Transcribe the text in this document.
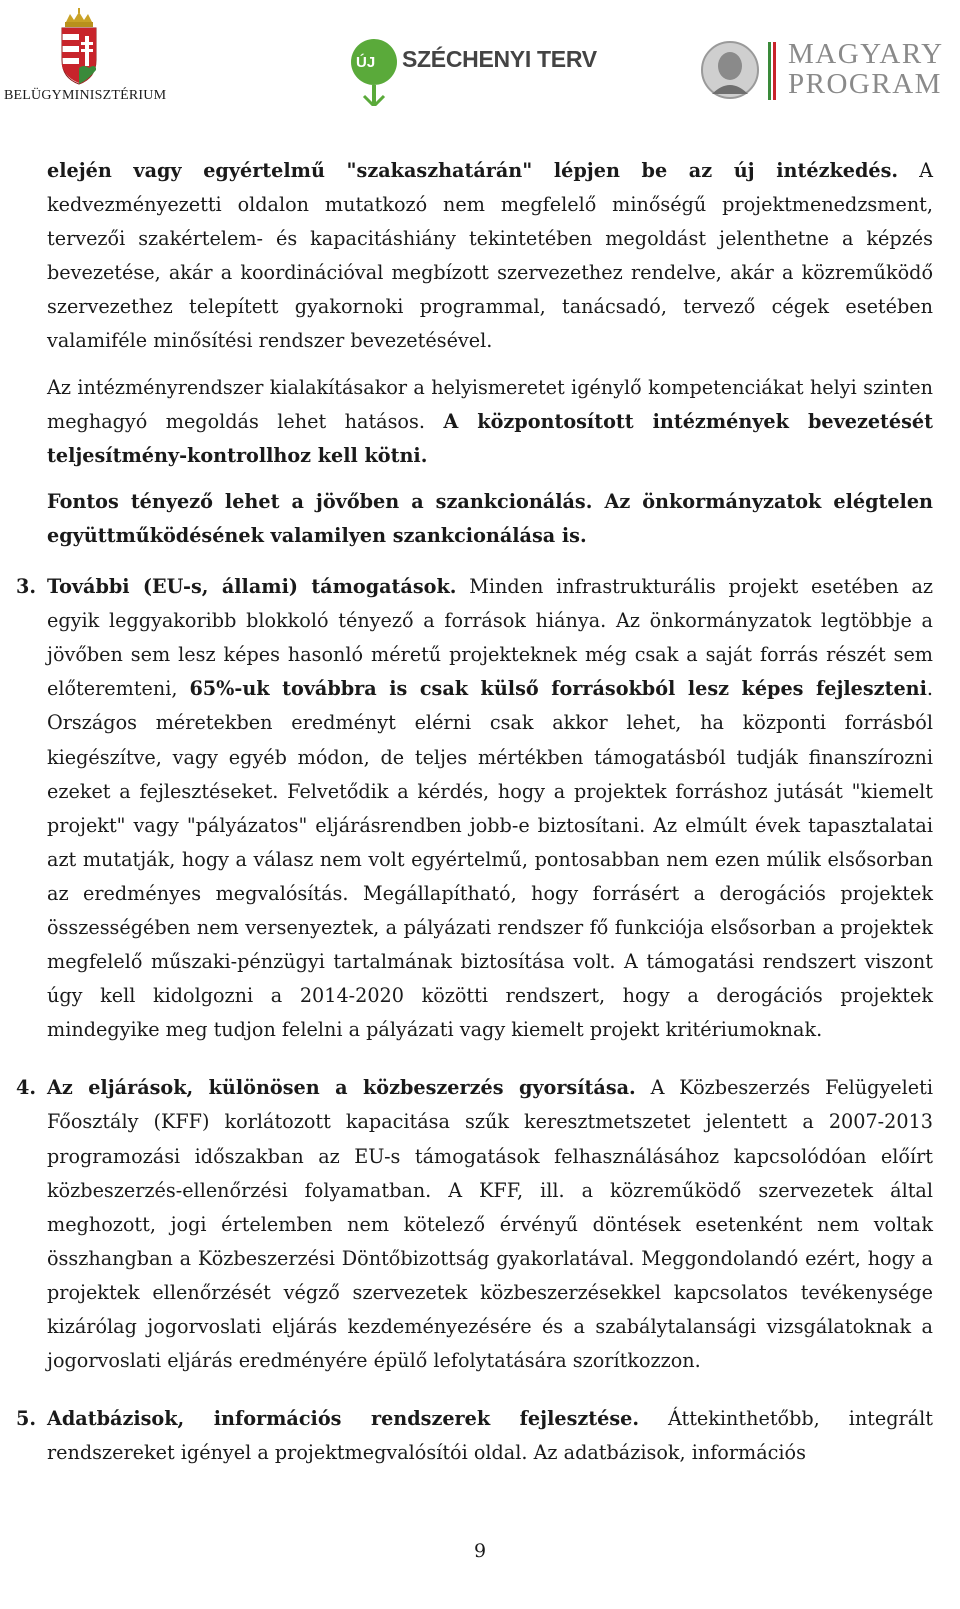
BELÜGYMINISZTÉRIUM
ÚJ SZÉCHENYI TERV	MAGYARY
PROGRAM

elején vagy egyértelmű "szakaszhatárán" lépjen be az új intézkedés. A kedvezményezetti oldalon mutatkozó nem megfelelő minőségű projektmenedzsment, tervezői szakértelem- és kapacitáshiány tekintetében megoldást jelenthetne a képzés bevezetése, akár a koordinációval megbízott szervezethez rendelve, akár a közreműködő szervezethez telepített gyakornoki programmal, tanácsadó, tervező cégek esetében valamiféle minősítési rendszer bevezetésével.

Az intézményrendszer kialakításakor a helyismeretet igénylő kompetenciákat helyi szinten meghagyó megoldás lehet hatásos. A központosított intézmények bevezetését teljesítmény-kontrollhoz kell kötni.

Fontos tényező lehet a jövőben a szankcionálás. Az önkormányzatok elégtelen együttműködésének valamilyen szankcionálása is.

3. További (EU-s, állami) támogatások. Minden infrastrukturális projekt esetében az egyik leggyakoribb blokkoló tényező a források hiánya. Az önkormányzatok legtöbbje a jövőben sem lesz képes hasonló méretű projekteknek még csak a saját forrás részét sem előteremteni, 65%-uk továbbra is csak külső forrásokból lesz képes fejleszteni. Országos méretekben eredményt elérni csak akkor lehet, ha központi forrásból kiegészítve, vagy egyéb módon, de teljes mértékben támogatásból tudják finanszírozni ezeket a fejlesztéseket. Felvetődik a kérdés, hogy a projektek forráshoz jutását "kiemelt projekt" vagy "pályázatos" eljárásrendben jobb-e biztosítani. Az elmúlt évek tapasztalatai azt mutatják, hogy a válasz nem volt egyértelmű, pontosabban nem ezen múlik elsősorban az eredményes megvalósítás. Megállapítható, hogy forrásért a derogációs projektek összességében nem versenyeztek, a pályázati rendszer fő funkciója elsősorban a projektek megfelelő műszaki-pénzügyi tartalmának biztosítása volt. A támogatási rendszert viszont úgy kell kidolgozni a 2014-2020 közötti rendszert, hogy a derogációs projektek mindegyike meg tudjon felelni a pályázati vagy kiemelt projekt kritériumoknak.

4. Az eljárások, különösen a közbeszerzés gyorsítása. A Közbeszerzés Felügyeleti Főosztály (KFF) korlátozott kapacitása szűk keresztmetszetet jelentett a 2007-2013 programozási időszakban az EU-s támogatások felhasználásához kapcsolódóan előírt közbeszerzés-ellenőrzési folyamatban. A KFF, ill. a közreműködő szervezetek által meghozott, jogi értelemben nem kötelező érvényű döntések esetenként nem voltak összhangban a Közbeszerzési Döntőbizottság gyakorlatával. Meggondolandó ezért, hogy a projektek ellenőrzését végző szervezetek közbeszerzésekkel kapcsolatos tevékenysége kizárólag jogorvoslati eljárás kezdeményezésére és a szabálytalansági vizsgálatoknak a jogorvoslati eljárás eredményére épülő lefolytatására szorítkozzon.

5. Adatbázisok, információs rendszerek fejlesztése. Áttekinthetőbb, integrált rendszereket igényel a projektmegvalósítói oldal. Az adatbázisok, információs

9
